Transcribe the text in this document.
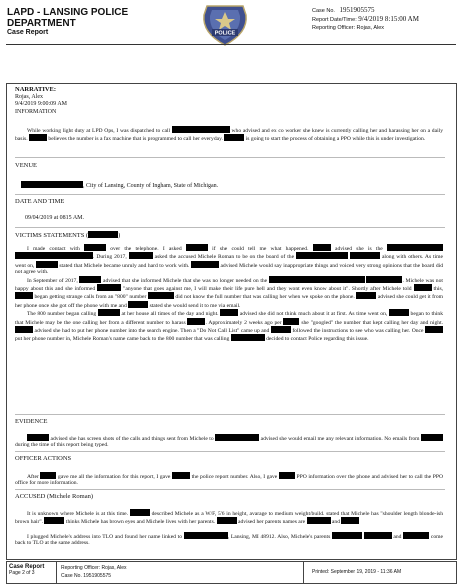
LAPD - LANSING POLICE
DEPARTMENT
Case Report	POLICE
Case No. 1951905575
Report Date/Time: 9/4/2019 8:15:00 AM
Reporting Officer: Rojas, Alex
NARRATIVE:
Rojas, Alex
9/4/2019 9:00:09 AM
INFORMATION
While working light duty at LPD Ops, I was dispatched to call	who advised and ex co worker she knew is currently calling her and harassing her on a daily basis.	believes the number is a fax machine that is programmed to call her everyday.	is going to start the process of obtaining a PPO while this is under investigation.
VENUE
, City of Lansing, County of Ingham, State of Michigan.
DATE AND TIME
09/04/2019 at 0815 AM.
VICTIMS STATEMENTS (	)
I made contact with	over the telephone. I asked	if she could tell me what happened.	advised she is the  . During 2017,	asked the accused Michele Roman to be on the board of the	along with others. As time went on,	stated that Michele became unruly and hard to work with.	advised Michele would say inappropriate things and voiced very strong opinions that the board did not agree with.
In September of 2017,	advised that she informed Michele that she was no longer needed on the	. Michele was not happy about this and she informed	"anyone that goes against me, I will make their life pure hell and they wont even know about it". Shortly after Michele told	this,  began getting strange calls from an "800" number	did not know the full number that was calling her when we spoke on the phone.	advised she could get it from her phone once she got off the phone with me and	stated she would send it to me via email.
The 800 number began calling	at her house all times of the day and night.	advised she did not think much about it at first. As time went on,	began to think that Michele may be the one calling her from a different number to harass	. Approximately 2 weeks ago per	she "googled" the number that kept calling her day and night.  advised she had to put her phone number into the search engine. Then a "Do Not Call List" came up and	followed the instructions to see who was calling her. Once  put her phone number in, Michele Roman's name came back to the 800 number that was calling	decided to contact Police regarding this issue.
EVIDENCE
advised she has screen shots of the calls and things sent from Michele to	advised she would email me any relevant information. No emails from  during the time of this report being typed.
OFFICER ACTIONS
After	gave me all the information for this report, I gave	the police report number. Also, I gave	PPO information over the phone and advised her to call the PPO office for more information.
ACCUSED (Michele Roman)
It is unknown where Michele is at this time.	described Michele as a W/F, 5'6 in height, avarage to medium weight/build. stated that Michele has "shoulder length blonde-ish brown hair".	thinks Michele has brown eyes and Michele lives with her parents.	advised her parents names are	and
I plugged Michele's address into TLO and found her name linked to	, Lansing, MI 48912. Also, Michele's parents	and	come back to TLO at the same address.
Case Report
Page 2 of 3
Reporting Officer: Rojas, Alex
Case No. 1951905575
Printed: September 19, 2019 - 11:36 AM
